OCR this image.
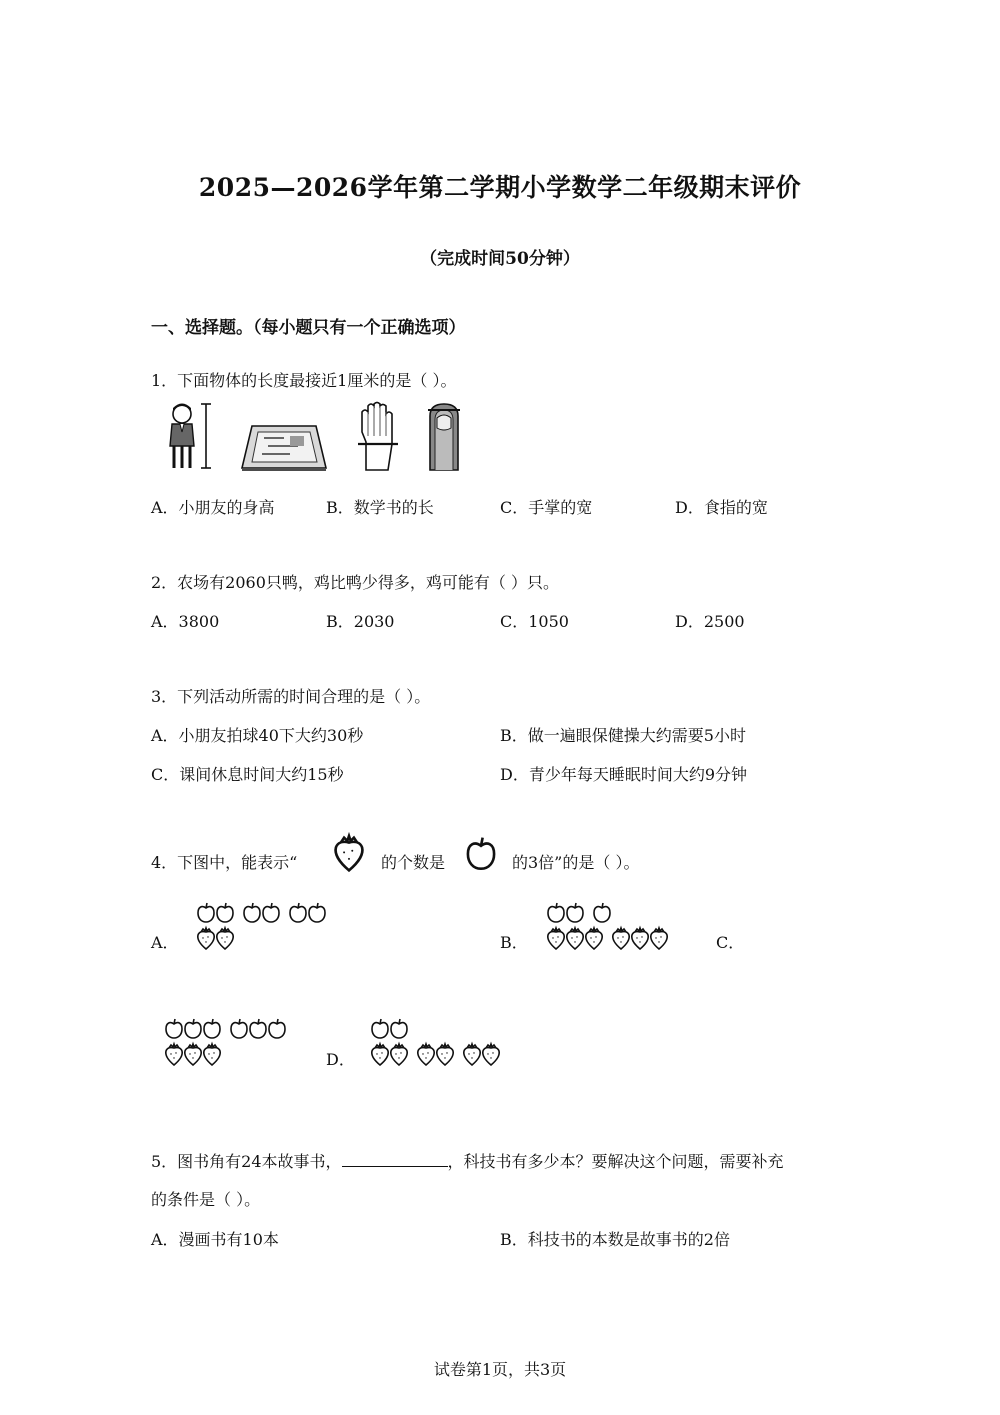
2025—2026学年第二学期小学数学二年级期末评价
（完成时间50分钟）
一、选择题。（每小题只有一个正确选项）
1．下面物体的长度最接近1厘米的是（ ）。
A．小朋友的身高	B．数学书的长	C．手掌的宽	D．食指的宽
2．农场有2060只鸭，鸡比鸭少得多，鸡可能有（ ）只。
A．3800	B．2030	C．1050	D．2500
3．下列活动所需的时间合理的是（ ）。
A．小朋友拍球40下大约30秒	B．做一遍眼保健操大约需要5小时
C．课间休息时间大约15秒	D．青少年每天睡眠时间大约9分钟
4．下图中，能表示“	的个数是	的3倍”的是（ ）。
A．	B．	C．
D．
5．图书角有24本故事书，	，科技书有多少本？要解决这个问题，需要补充
的条件是（ ）。
A．漫画书有10本	B．科技书的本数是故事书的2倍
试卷第1页，共3页
